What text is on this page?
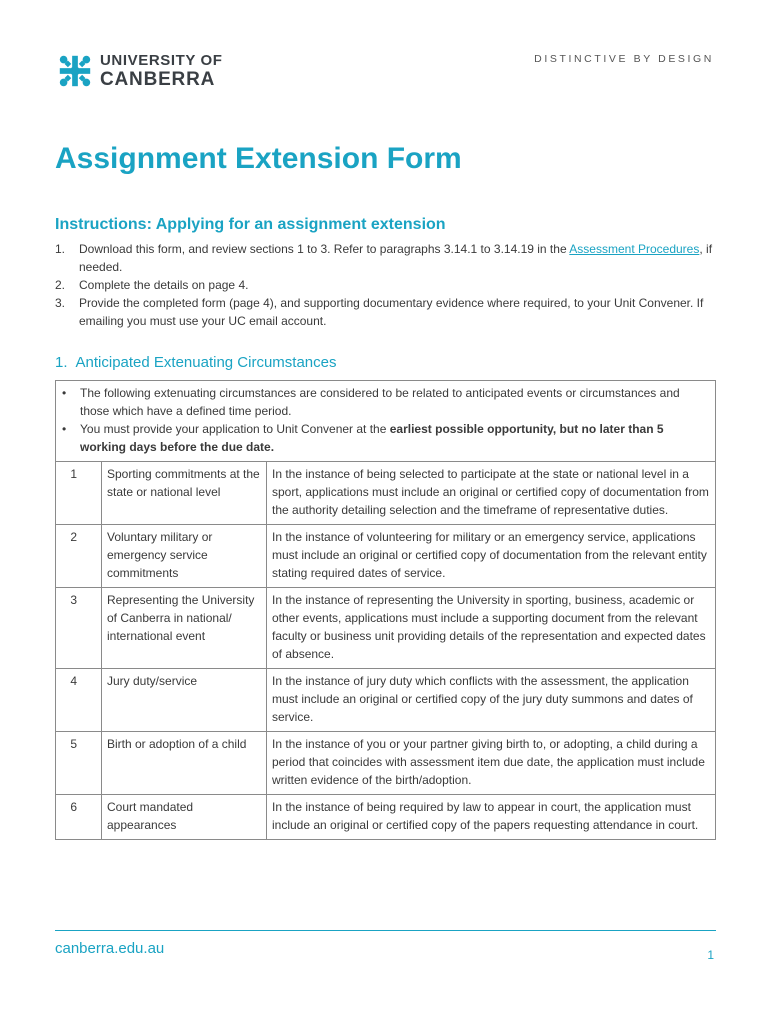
UNIVERSITY OF
CANBERRA
DISTINCTIVE BY DESIGN
Assignment Extension Form
Instructions: Applying for an assignment extension
1.	Download this form, and review sections 1 to 3. Refer to paragraphs 3.14.1 to 3.14.19 in the Assessment Procedures, if needed.
2.	Complete the details on page 4.
3.	Provide the completed form (page 4), and supporting documentary evidence where required, to your Unit Convener. If emailing you must use your UC email account.
1. Anticipated Extenuating Circumstances
• The following extenuating circumstances are considered to be related to anticipated events or circumstances and those which have a defined time period.
• You must provide your application to Unit Convener at the earliest possible opportunity, but no later than 5 working days before the due date.		

1	Sporting commitments at the state or national level	In the instance of being selected to participate at the state or national level in a sport, applications must include an original or certified copy of documentation from the authority detailing selection and the timeframe of representative duties.
2	Voluntary military or emergency service commitments	In the instance of volunteering for military or an emergency service, applications must include an original or certified copy of documentation from the relevant entity stating required dates of service.
3	Representing the University of Canberra in national/ international event	In the instance of representing the University in sporting, business, academic or other events, applications must include a supporting document from the relevant faculty or business unit providing details of the representation and expected dates of absence.
4	Jury duty/service	In the instance of jury duty which conflicts with the assessment, the application must include an original or certified copy of the jury duty summons and dates of service.
5	Birth or adoption of a child	In the instance of you or your partner giving birth to, or adopting, a child during a period that coincides with assessment item due date, the application must include written evidence of the birth/adoption.
6	Court mandated appearances	In the instance of being required by law to appear in court, the application must include an original or certified copy of the papers requesting attendance in court.
canberra.edu.au	1
